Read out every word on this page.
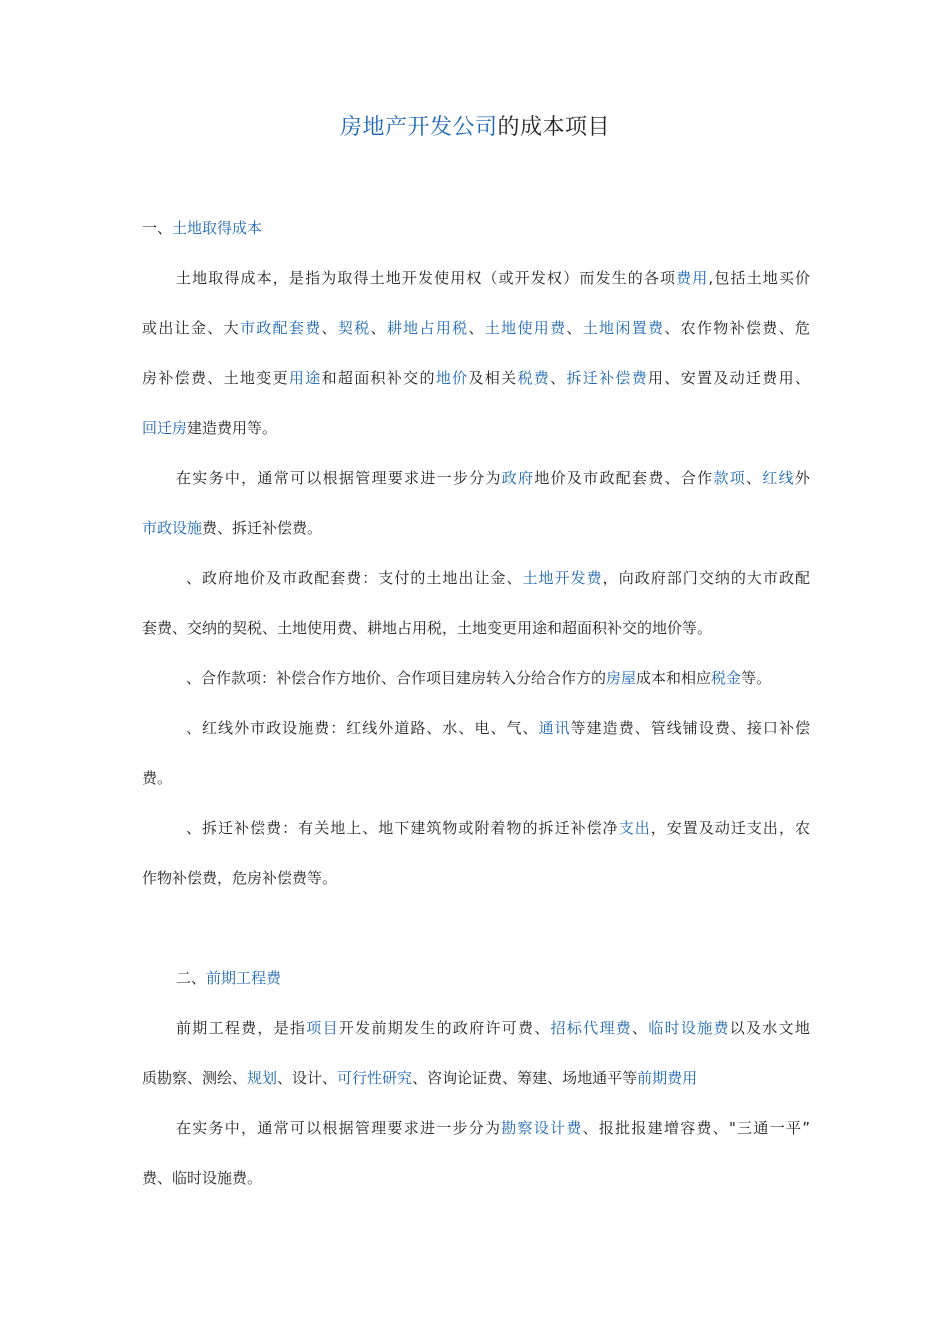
房地产开发公司的成本项目
一、土地取得成本
土地取得成本，是指为取得土地开发使用权（或开发权）而发生的各项费用,包括土地买价
或出让金、大市政配套费、契税、耕地占用税、土地使用费、土地闲置费、农作物补偿费、危
房补偿费、土地变更用途和超面积补交的地价及相关税费、拆迁补偿费用、安置及动迁费用、
回迁房建造费用等。
在实务中，通常可以根据管理要求进一步分为政府地价及市政配套费、合作款项、红线外
市政设施费、拆迁补偿费。
、政府地价及市政配套费：支付的土地出让金、土地开发费，向政府部门交纳的大市政配
套费、交纳的契税、土地使用费、耕地占用税，土地变更用途和超面积补交的地价等。
、合作款项：补偿合作方地价、合作项目建房转入分给合作方的房屋成本和相应税金等。
、红线外市政设施费：红线外道路、水、电、气、通讯等建造费、管线铺设费、接口补偿
费。
、拆迁补偿费：有关地上、地下建筑物或附着物的拆迁补偿净支出，安置及动迁支出，农
作物补偿费，危房补偿费等。
二、前期工程费
前期工程费，是指项目开发前期发生的政府许可费、招标代理费、临时设施费以及水文地
质勘察、测绘、规划、设计、可行性研究、咨询论证费、筹建、场地通平等前期费用
在实务中，通常可以根据管理要求进一步分为勘察设计费、报批报建增容费、"三通一平”
费、临时设施费。
